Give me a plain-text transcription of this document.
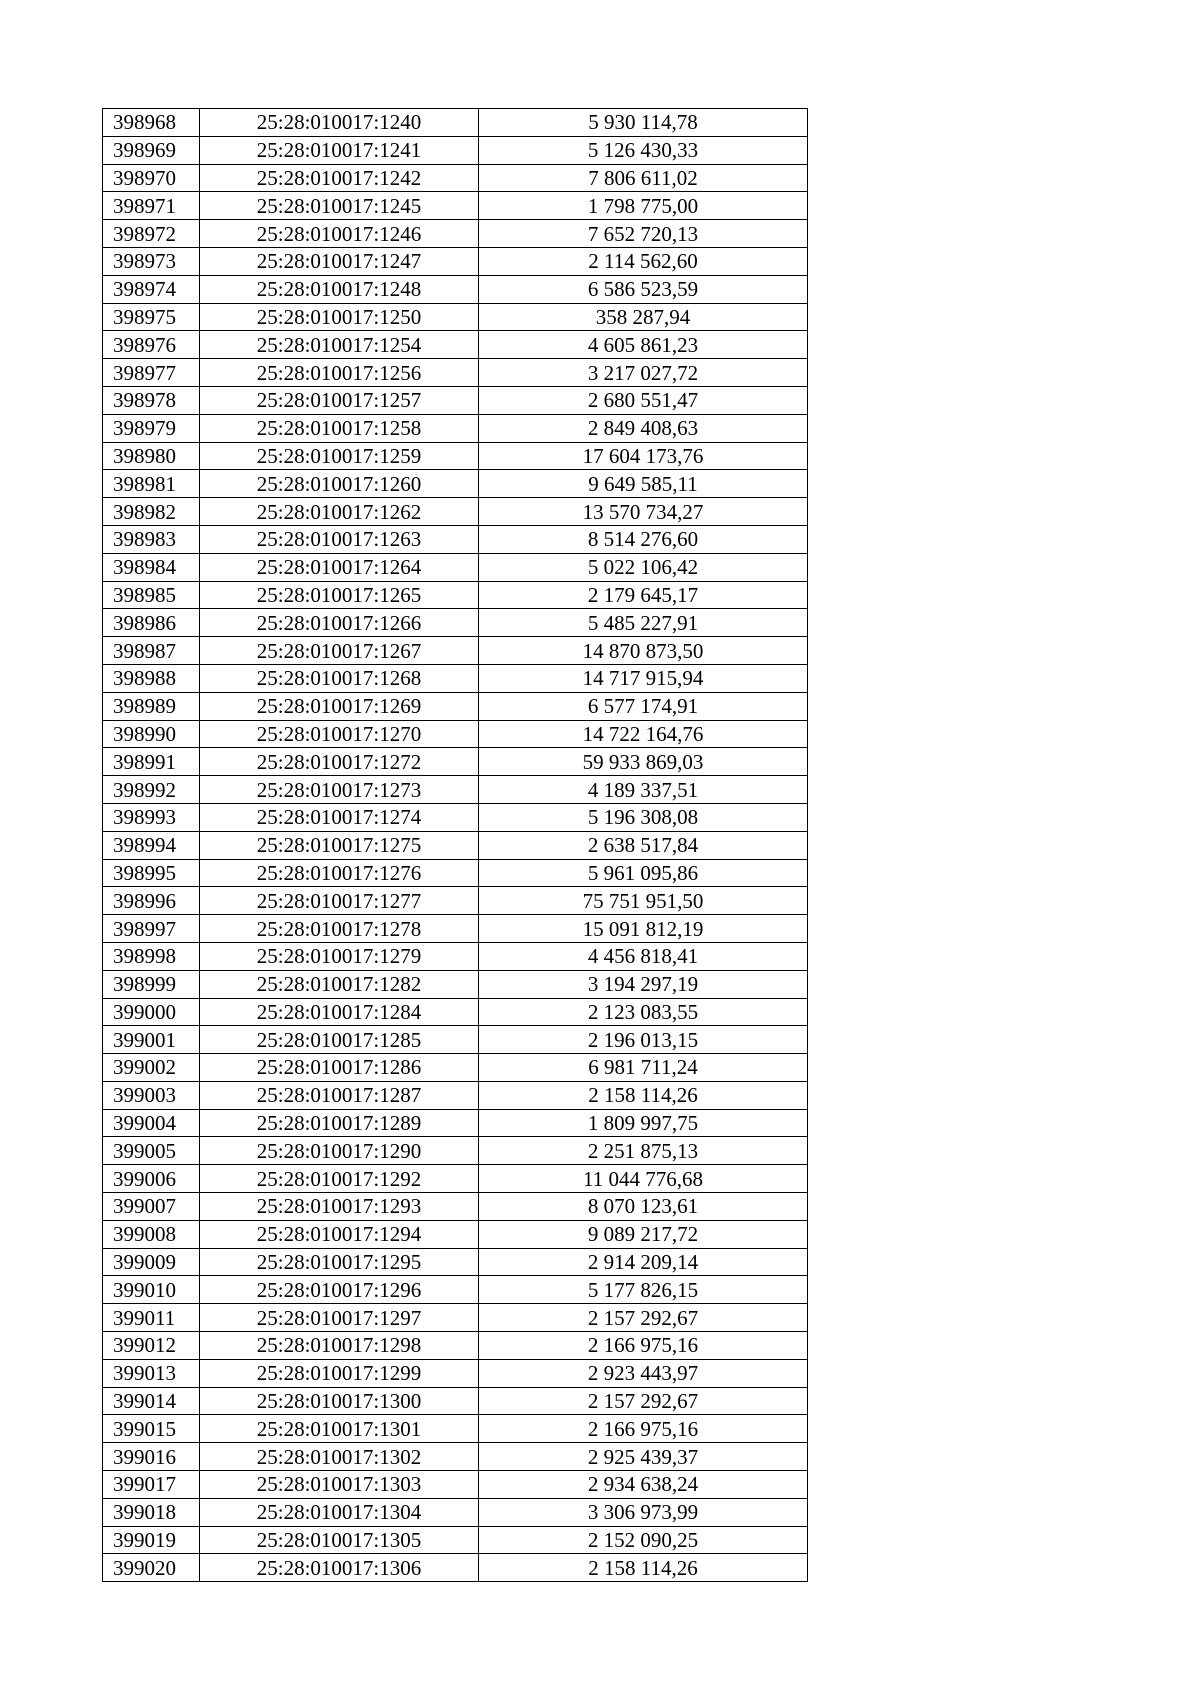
398968	25:28:010017:1240	5 930 114,78
398969	25:28:010017:1241	5 126 430,33
398970	25:28:010017:1242	7 806 611,02
398971	25:28:010017:1245	1 798 775,00
398972	25:28:010017:1246	7 652 720,13
398973	25:28:010017:1247	2 114 562,60
398974	25:28:010017:1248	6 586 523,59
398975	25:28:010017:1250	358 287,94
398976	25:28:010017:1254	4 605 861,23
398977	25:28:010017:1256	3 217 027,72
398978	25:28:010017:1257	2 680 551,47
398979	25:28:010017:1258	2 849 408,63
398980	25:28:010017:1259	17 604 173,76
398981	25:28:010017:1260	9 649 585,11
398982	25:28:010017:1262	13 570 734,27
398983	25:28:010017:1263	8 514 276,60
398984	25:28:010017:1264	5 022 106,42
398985	25:28:010017:1265	2 179 645,17
398986	25:28:010017:1266	5 485 227,91
398987	25:28:010017:1267	14 870 873,50
398988	25:28:010017:1268	14 717 915,94
398989	25:28:010017:1269	6 577 174,91
398990	25:28:010017:1270	14 722 164,76
398991	25:28:010017:1272	59 933 869,03
398992	25:28:010017:1273	4 189 337,51
398993	25:28:010017:1274	5 196 308,08
398994	25:28:010017:1275	2 638 517,84
398995	25:28:010017:1276	5 961 095,86
398996	25:28:010017:1277	75 751 951,50
398997	25:28:010017:1278	15 091 812,19
398998	25:28:010017:1279	4 456 818,41
398999	25:28:010017:1282	3 194 297,19
399000	25:28:010017:1284	2 123 083,55
399001	25:28:010017:1285	2 196 013,15
399002	25:28:010017:1286	6 981 711,24
399003	25:28:010017:1287	2 158 114,26
399004	25:28:010017:1289	1 809 997,75
399005	25:28:010017:1290	2 251 875,13
399006	25:28:010017:1292	11 044 776,68
399007	25:28:010017:1293	8 070 123,61
399008	25:28:010017:1294	9 089 217,72
399009	25:28:010017:1295	2 914 209,14
399010	25:28:010017:1296	5 177 826,15
399011	25:28:010017:1297	2 157 292,67
399012	25:28:010017:1298	2 166 975,16
399013	25:28:010017:1299	2 923 443,97
399014	25:28:010017:1300	2 157 292,67
399015	25:28:010017:1301	2 166 975,16
399016	25:28:010017:1302	2 925 439,37
399017	25:28:010017:1303	2 934 638,24
399018	25:28:010017:1304	3 306 973,99
399019	25:28:010017:1305	2 152 090,25
399020	25:28:010017:1306	2 158 114,26
